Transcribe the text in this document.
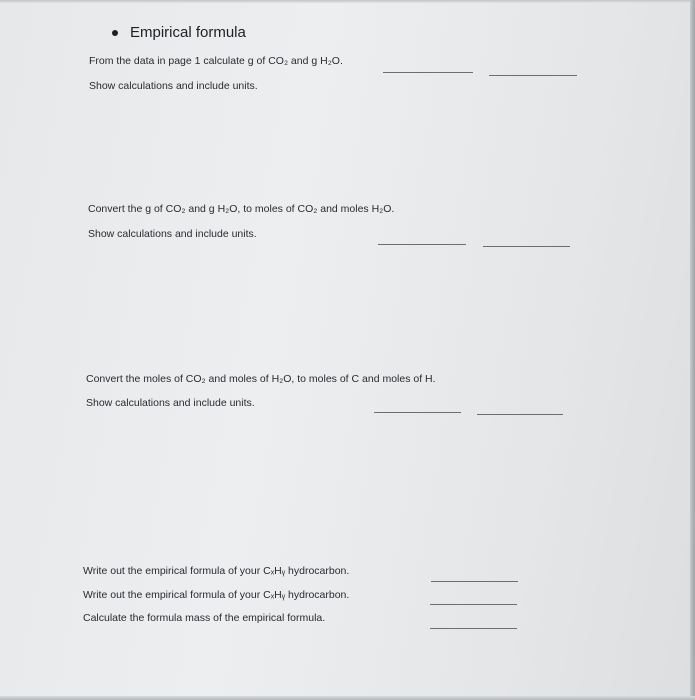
Empirical formula
From the data in page 1 calculate g of CO₂ and g H₂O.
Show calculations and include units.
Convert the g of CO₂ and g H₂O, to moles of CO₂ and moles H₂O.
Show calculations and include units.
Convert the moles of CO₂ and moles of H₂O, to moles of C and moles of H.
Show calculations and include units.
Write out the empirical formula of your CₓHᵧ hydrocarbon.
Write out the empirical formula of your CₓHᵧ hydrocarbon.
Calculate the formula mass of the empirical formula.
